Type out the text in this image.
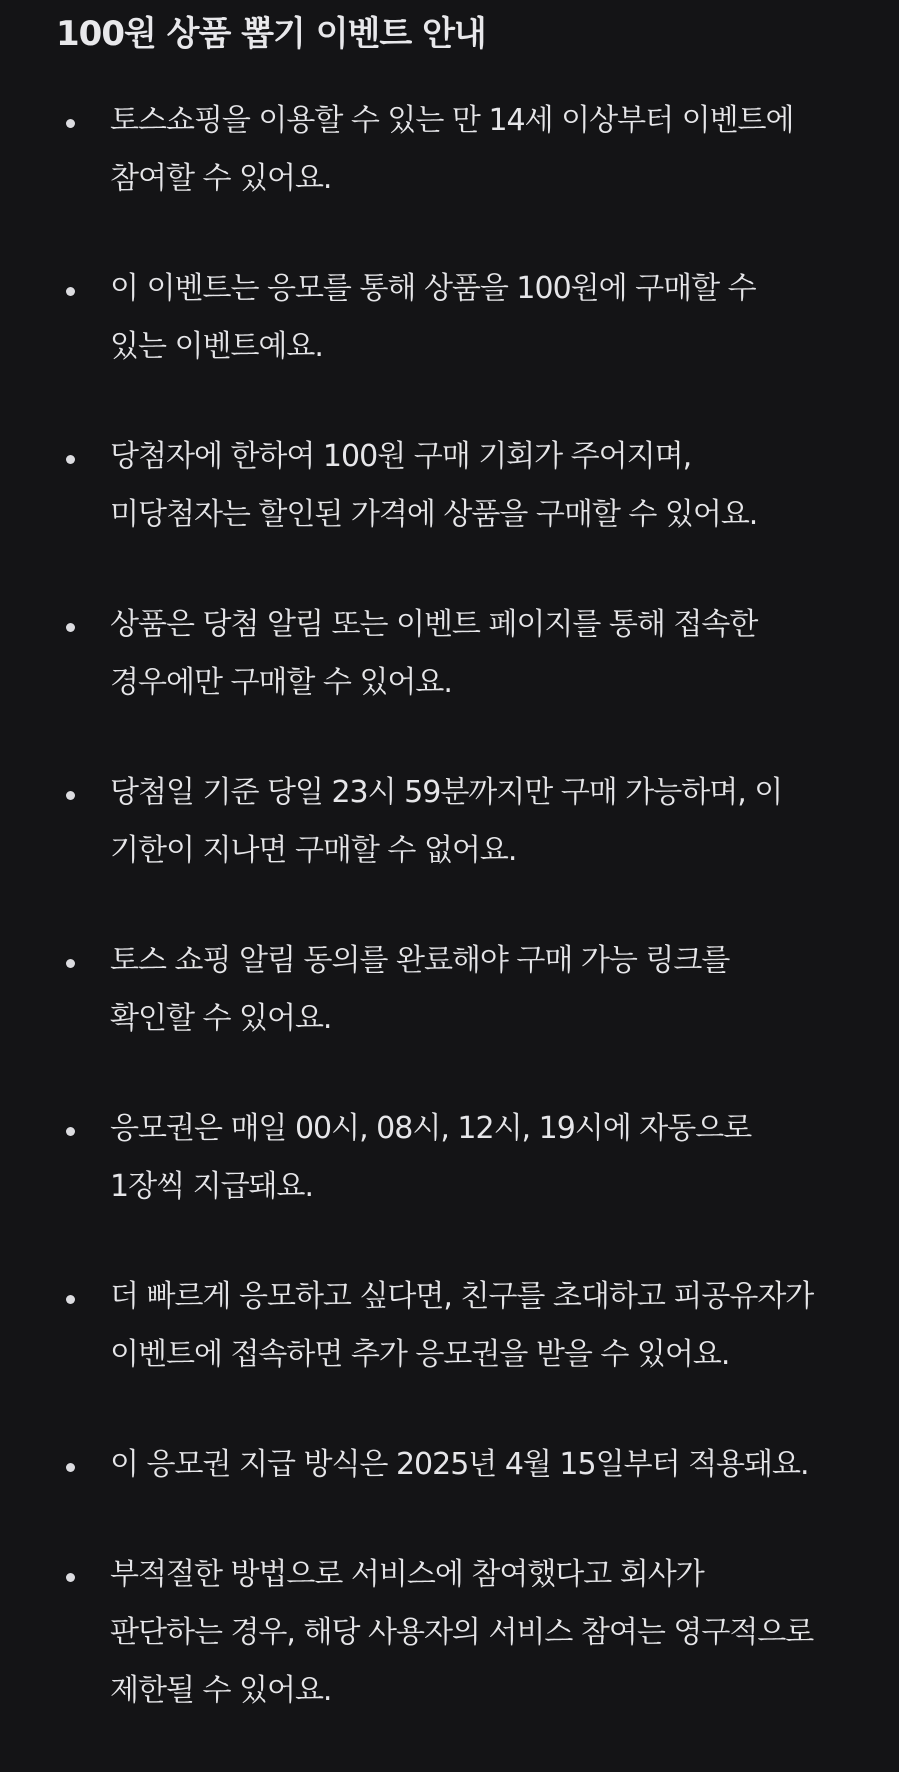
100원 상품 뽑기 이벤트 안내
토스쇼핑을 이용할 수 있는 만 14세 이상부터 이벤트에
참여할 수 있어요.
이 이벤트는 응모를 통해 상품을 100원에 구매할 수
있는 이벤트예요.
당첨자에 한하여 100원 구매 기회가 주어지며,
미당첨자는 할인된 가격에 상품을 구매할 수 있어요.
상품은 당첨 알림 또는 이벤트 페이지를 통해 접속한
경우에만 구매할 수 있어요.
당첨일 기준 당일 23시 59분까지만 구매 가능하며, 이
기한이 지나면 구매할 수 없어요.
토스 쇼핑 알림 동의를 완료해야 구매 가능 링크를
확인할 수 있어요.
응모권은 매일 00시, 08시, 12시, 19시에 자동으로
1장씩 지급돼요.
더 빠르게 응모하고 싶다면, 친구를 초대하고 피공유자가
이벤트에 접속하면 추가 응모권을 받을 수 있어요.
이 응모권 지급 방식은 2025년 4월 15일부터 적용돼요.
부적절한 방법으로 서비스에 참여했다고 회사가
판단하는 경우, 해당 사용자의 서비스 참여는 영구적으로
제한될 수 있어요.
